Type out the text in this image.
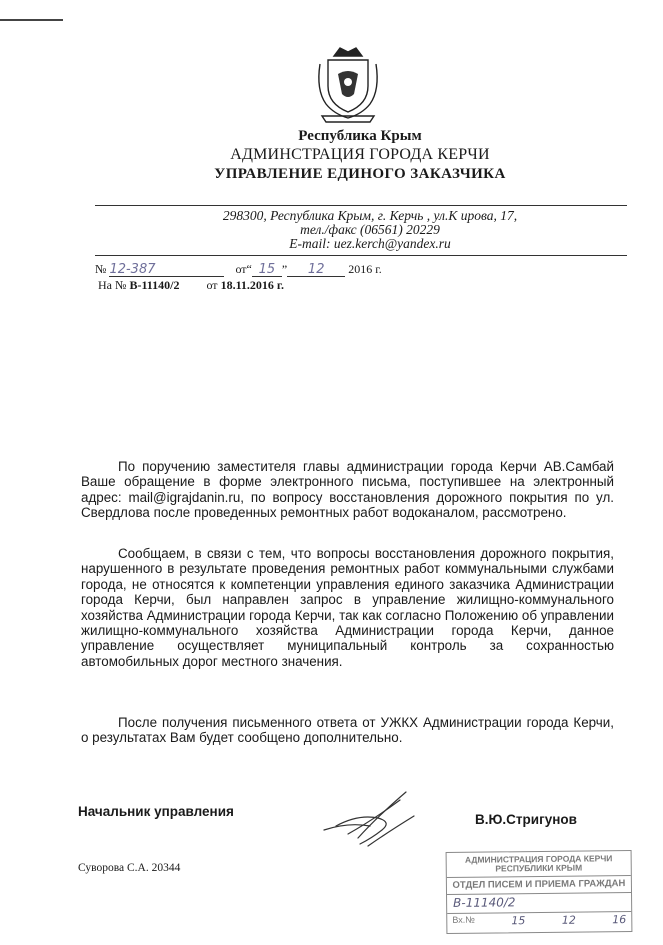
Республика Крым
АДМИНСТРАЦИЯ ГОРОДА КЕРЧИ
УПРАВЛЕНИЕ ЕДИНОГО ЗАКАЗЧИКА
298300, Республика Крым, г. Керчь , ул.К ирова, 17,
тел./факс (06561) 20229
E-mail: uez.kerch@yandex.ru
№ 12-387	от“ 15 ” 12 2016 г.
На № В-11140/2 от 18.11.2016 г.

По поручению заместителя главы администрации города Керчи АВ.Самбай Ваше обращение в форме электронного письма, поступившее на электронный адрес: mail@igrajdanin.ru, по вопросу восстановления дорожного покрытия по ул. Свердлова после проведенных ремонтных работ водоканалом, рассмотрено.

Сообщаем, в связи с тем, что вопросы восстановления дорожного покрытия, нарушенного в результате проведения ремонтных работ коммунальными службами города, не относятся к компетенции управления единого заказчика Администрации города Керчи, был направлен запрос в управление жилищно-коммунального хозяйства Администрации города Керчи, так как согласно Положению об управлении жилищно-коммунального хозяйства Администрации города Керчи, данное управление осуществляет муниципальный контроль за сохранностью автомобильных дорог местного значения.

После получения письменного ответа от УЖКХ Администрации города Керчи, о результатах Вам будет сообщено дополнительно.

Начальник управления
В.Ю.Стригунов
Суворова С.А. 20344
АДМИНИСТРАЦИЯ ГОРОДА КЕРЧИ
РЕСПУБЛИКИ КРЫМ
ОТДЕЛ ПИСЕМ И ПРИЕМА ГРАЖДАН
В-11140/2
Вх.№	15	12	16
